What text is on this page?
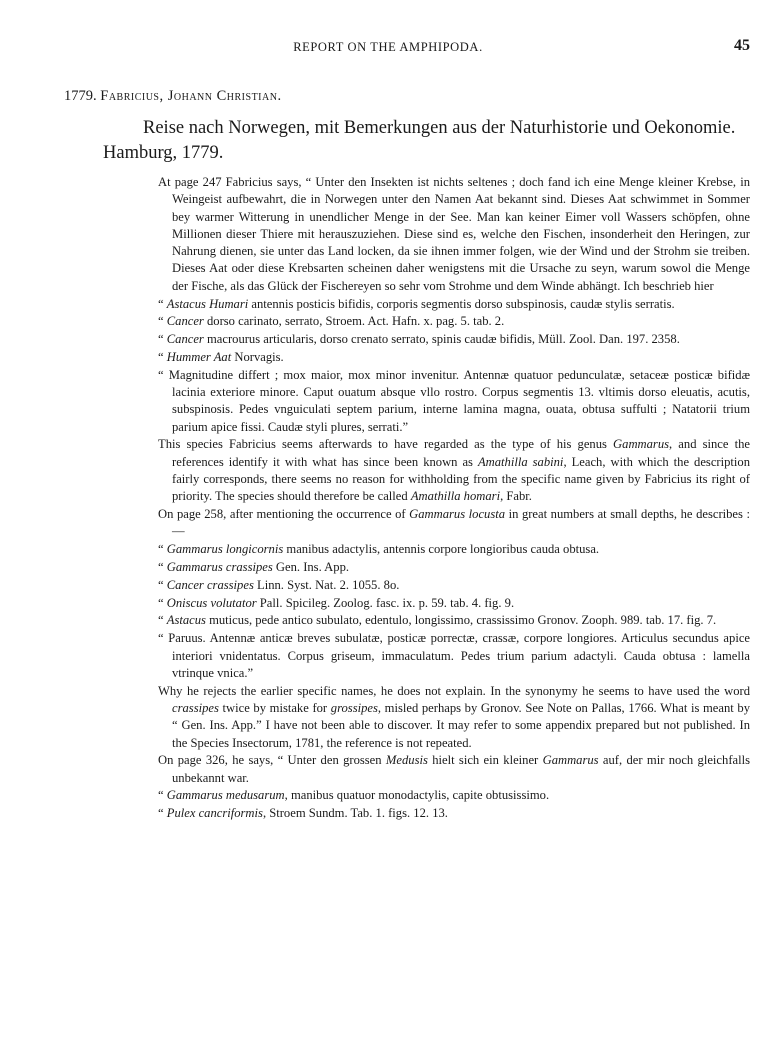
REPORT ON THE AMPHIPODA.	45
1779. Fabricius, Johann Christian.
Reise nach Norwegen, mit Bemerkungen aus der Naturhistorie und Oekonomie. Hamburg, 1779.

At page 247 Fabricius says, “ Unter den Insekten ist nichts seltenes ; doch fand ich eine Menge kleiner Krebse, in Weingeist aufbewahrt, die in Norwegen unter den Namen Aat bekannt sind. Dieses Aat schwimmet in Sommer bey warmer Witterung in unendlicher Menge in der See. Man kan keiner Eimer voll Wassers schöpfen, ohne Millionen dieser Thiere mit herauszuziehen. Diese sind es, welche den Fischen, insonderheit den Heringen, zur Nahrung dienen, sie unter das Land locken, da sie ihnen immer folgen, wie der Wind und der Strohm sie treiben. Dieses Aat oder diese Krebsarten scheinen daher wenigstens mit die Ursache zu seyn, warum sowol die Menge der Fische, als das Glück der Fischereyen so sehr vom Strohme und dem Winde abhängt. Ich beschrieb hier

“ Astacus Humari antennis posticis bifidis, corporis segmentis dorso subspinosis, caudæ stylis serratis.

“ Cancer dorso carinato, serrato, Stroem. Act. Hafn. x. pag. 5. tab. 2.

“ Cancer macrourus articularis, dorso crenato serrato, spinis caudæ bifidis, Müll. Zool. Dan. 197. 2358.

“ Hummer Aat Norvagis.

“ Magnitudine differt ; mox maior, mox minor invenitur. Antennæ quatuor pedunculatæ, setaceæ posticæ bifidæ lacinia exteriore minore. Caput ouatum absque vllo rostro. Corpus segmentis 13. vltimis dorso eleuatis, acutis, subspinosis. Pedes vnguiculati septem parium, interne lamina magna, ouata, obtusa suffulti ; Natatorii trium parium apice fissi. Caudæ styli plures, serrati.”

This species Fabricius seems afterwards to have regarded as the type of his genus Gammarus, and since the references identify it with what has since been known as Amathilla sabini, Leach, with which the description fairly corresponds, there seems no reason for withholding from the specific name given by Fabricius its right of priority. The species should therefore be called Amathilla homari, Fabr.

On page 258, after mentioning the occurrence of Gammarus locusta in great numbers at small depths, he describes :—

“ Gammarus longicornis manibus adactylis, antennis corpore longioribus cauda obtusa.

“ Gammarus crassipes Gen. Ins. App.

“ Cancer crassipes Linn. Syst. Nat. 2. 1055. 8o.

“ Oniscus volutator Pall. Spicileg. Zoolog. fasc. ix. p. 59. tab. 4. fig. 9.

“ Astacus muticus, pede antico subulato, edentulo, longissimo, crassissimo Gronov. Zooph. 989. tab. 17. fig. 7.

“ Paruus. Antennæ anticæ breves subulatæ, posticæ porrectæ, crassæ, corpore longiores. Articulus secundus apice interiori vnidentatus. Corpus griseum, immaculatum. Pedes trium parium adactyli. Cauda obtusa : lamella vtrinque vnica.”

Why he rejects the earlier specific names, he does not explain. In the synonymy he seems to have used the word crassipes twice by mistake for grossipes, misled perhaps by Gronov. See Note on Pallas, 1766. What is meant by “ Gen. Ins. App.” I have not been able to discover. It may refer to some appendix prepared but not published. In the Species Insectorum, 1781, the reference is not repeated.

On page 326, he says, “ Unter den grossen Medusis hielt sich ein kleiner Gammarus auf, der mir noch gleichfalls unbekannt war.

“ Gammarus medusarum, manibus quatuor monodactylis, capite obtusissimo.

“ Pulex cancriformis, Stroem Sundm. Tab. 1. figs. 12. 13.
